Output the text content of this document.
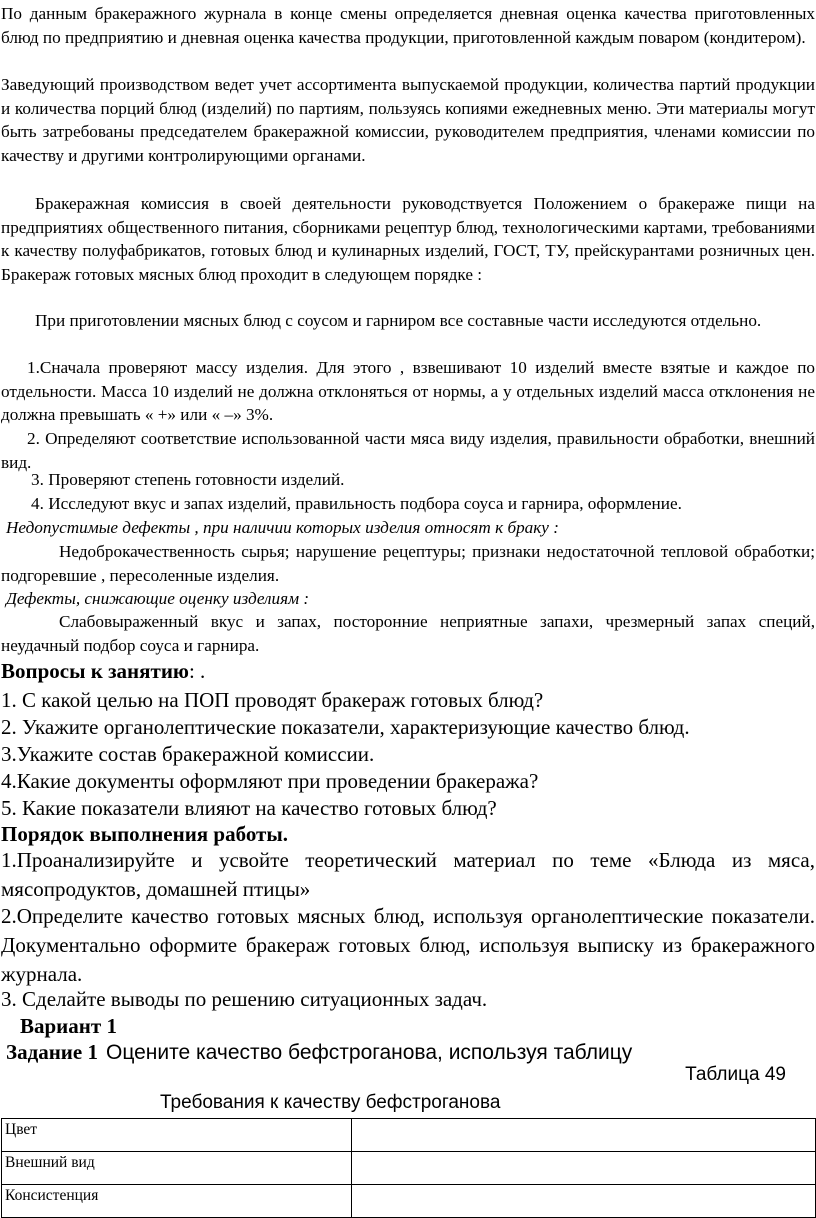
По данным бракеражного журнала в конце смены определяется дневная оценка качества приготовленных блюд по предприятию и дневная оценка качества продукции, приготовленной каждым поваром (кондитером).

Заведующий производством ведет учет ассортимента выпускаемой продукции, количества партий продукции и количества порций блюд (изделий) по партиям, пользуясь копиями ежедневных меню. Эти материалы могут быть затребованы председателем бракеражной комиссии, руководителем предприятия, членами комиссии по качеству и другими контролирующими органами.

Бракеражная комиссия в своей деятельности руководствуется Положением о бракераже пищи на предприятиях общественного питания, сборниками рецептур блюд, технологическими картами, требованиями к качеству полуфабрикатов, готовых блюд и кулинарных изделий, ГОСТ, ТУ, прейскурантами розничных цен. Бракераж готовых мясных блюд проходит в следующем порядке :

При приготовлении мясных блюд с соусом и гарниром все составные части исследуются отдельно.

1.Сначала проверяют массу изделия. Для этого , взвешивают 10 изделий вместе взятые и каждое по отдельности. Масса 10 изделий не должна отклоняться от нормы, а у отдельных изделий масса отклонения не должна превышать « +» или « –» 3%.

2. Определяют соответствие использованной части мяса виду изделия, правильности обработки, внешний вид.

3. Проверяют степень готовности изделий.

4. Исследуют вкус и запах изделий, правильность подбора соуса и гарнира, оформление.

Недопустимые дефекты , при наличии которых изделия относят к браку :

Недоброкачественность сырья; нарушение рецептуры; признаки недостаточной тепловой обработки; подгоревшие , пересоленные изделия.

Дефекты, снижающие оценку изделиям :

Слабовыраженный вкус и запах, посторонние неприятные запахи, чрезмерный запах специй, неудачный подбор соуса и гарнира.

Вопросы к занятию: .

1. С какой целью на ПОП проводят бракераж готовых блюд?

2. Укажите органолептические показатели, характеризующие качество блюд.

3.Укажите состав бракеражной комиссии.

4.Какие документы оформляют при проведении бракеража?

5. Какие показатели влияют на качество готовых блюд?

Порядок выполнения работы.

1.Проанализируйте и усвойте теоретический материал по теме «Блюда из мяса, мясопродуктов, домашней птицы»

2.Определите качество готовых мясных блюд, используя органолептические показатели. Документально оформите бракераж готовых блюд, используя выписку из бракеражного журнала.

3. Сделайте выводы по решению ситуационных задач.

Вариант 1

Задание 1 Оцените качество бефстроганова, используя таблицу

Таблица 49
Требования к качеству бефстроганова
Цвет	
Внешний вид	
Консистенция	
